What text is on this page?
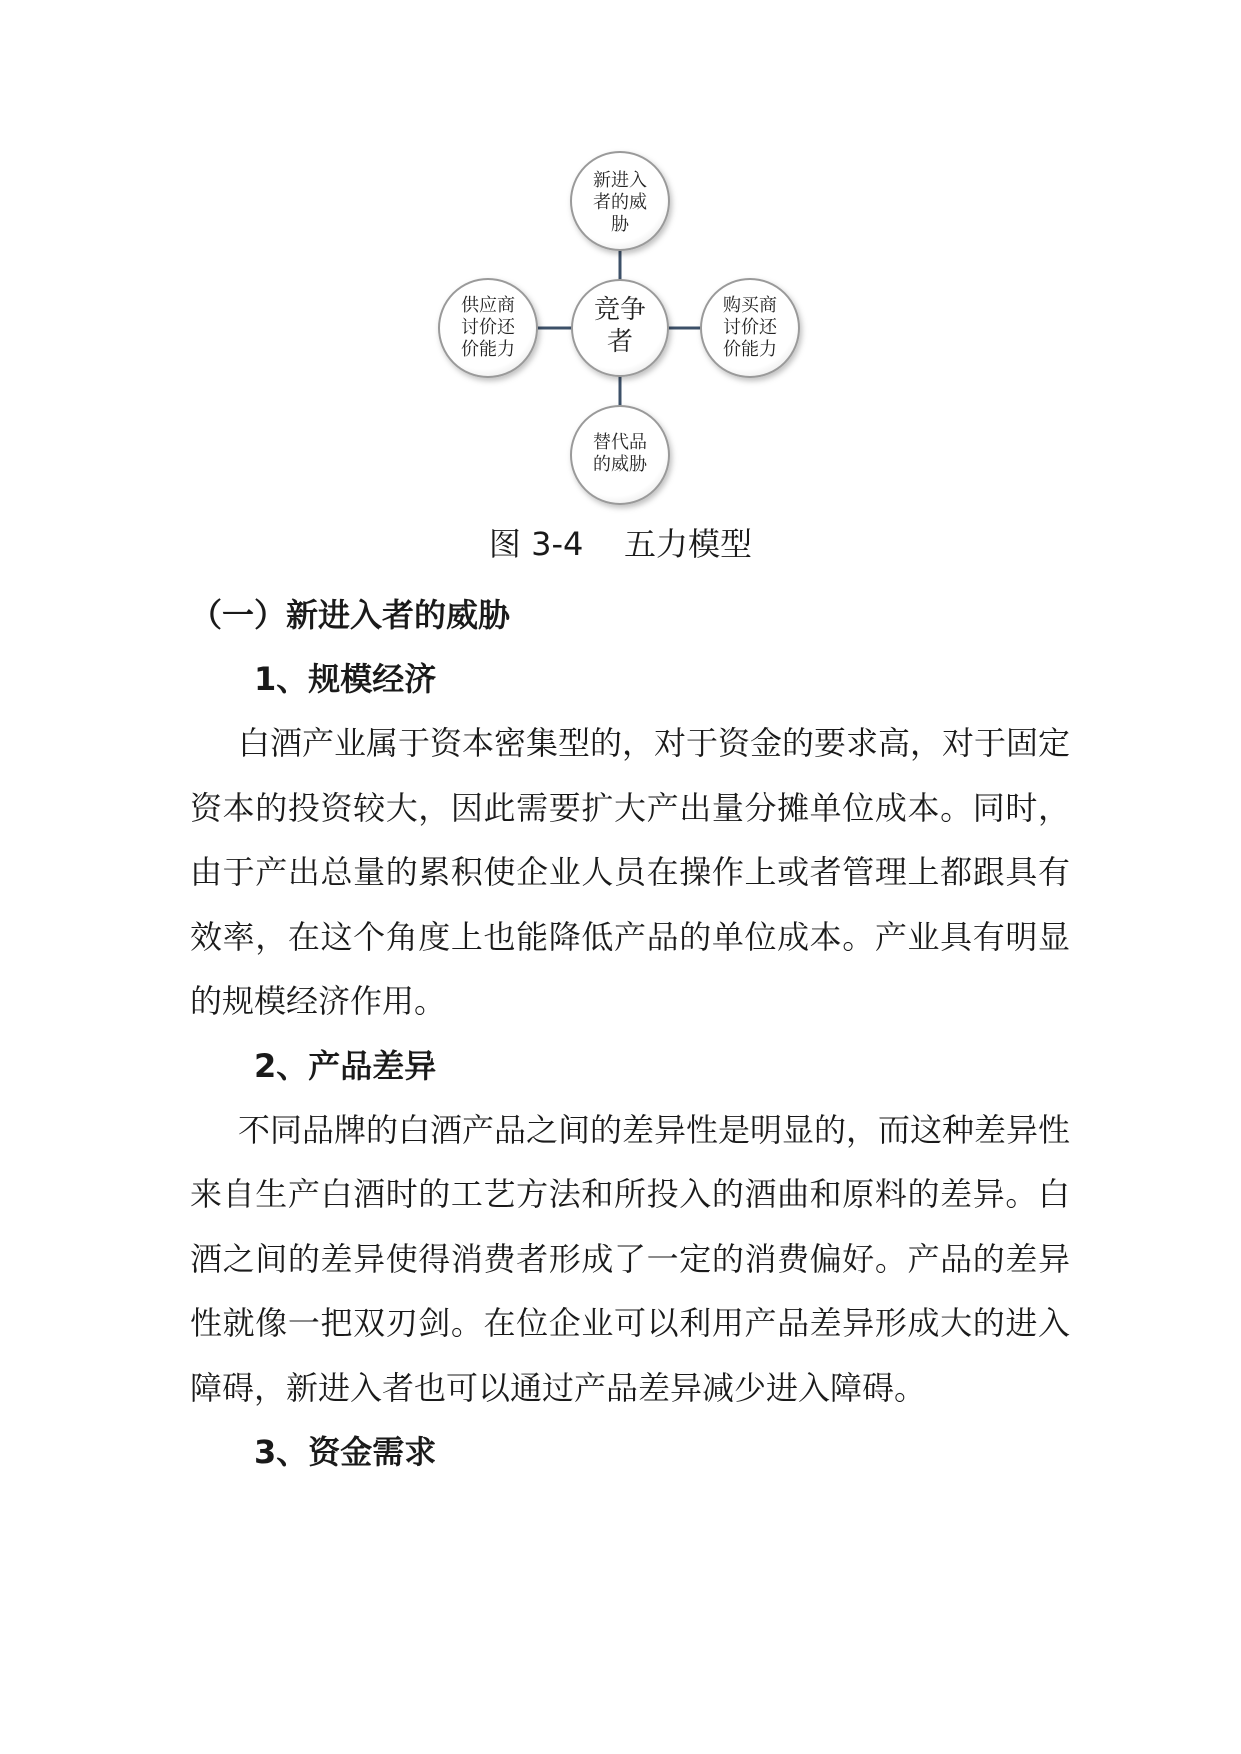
新进入
者的威
胁
竞争
者
供应商
讨价还
价能力
购买商
讨价还
价能力
替代品
的威胁
图 3-4    五力模型

（一）新进入者的威胁

1、规模经济

白酒产业属于资本密集型的，对于资金的要求高，对于固定资本的投资较大，因此需要扩大产出量分摊单位成本。同时，由于产出总量的累积使企业人员在操作上或者管理上都跟具有效率，在这个角度上也能降低产品的单位成本。产业具有明显的规模经济作用。

2、产品差异

不同品牌的白酒产品之间的差异性是明显的，而这种差异性来自生产白酒时的工艺方法和所投入的酒曲和原料的差异。白酒之间的差异使得消费者形成了一定的消费偏好。产品的差异性就像一把双刃剑。在位企业可以利用产品差异形成大的进入障碍，新进入者也可以通过产品差异减少进入障碍。

3、资金需求
